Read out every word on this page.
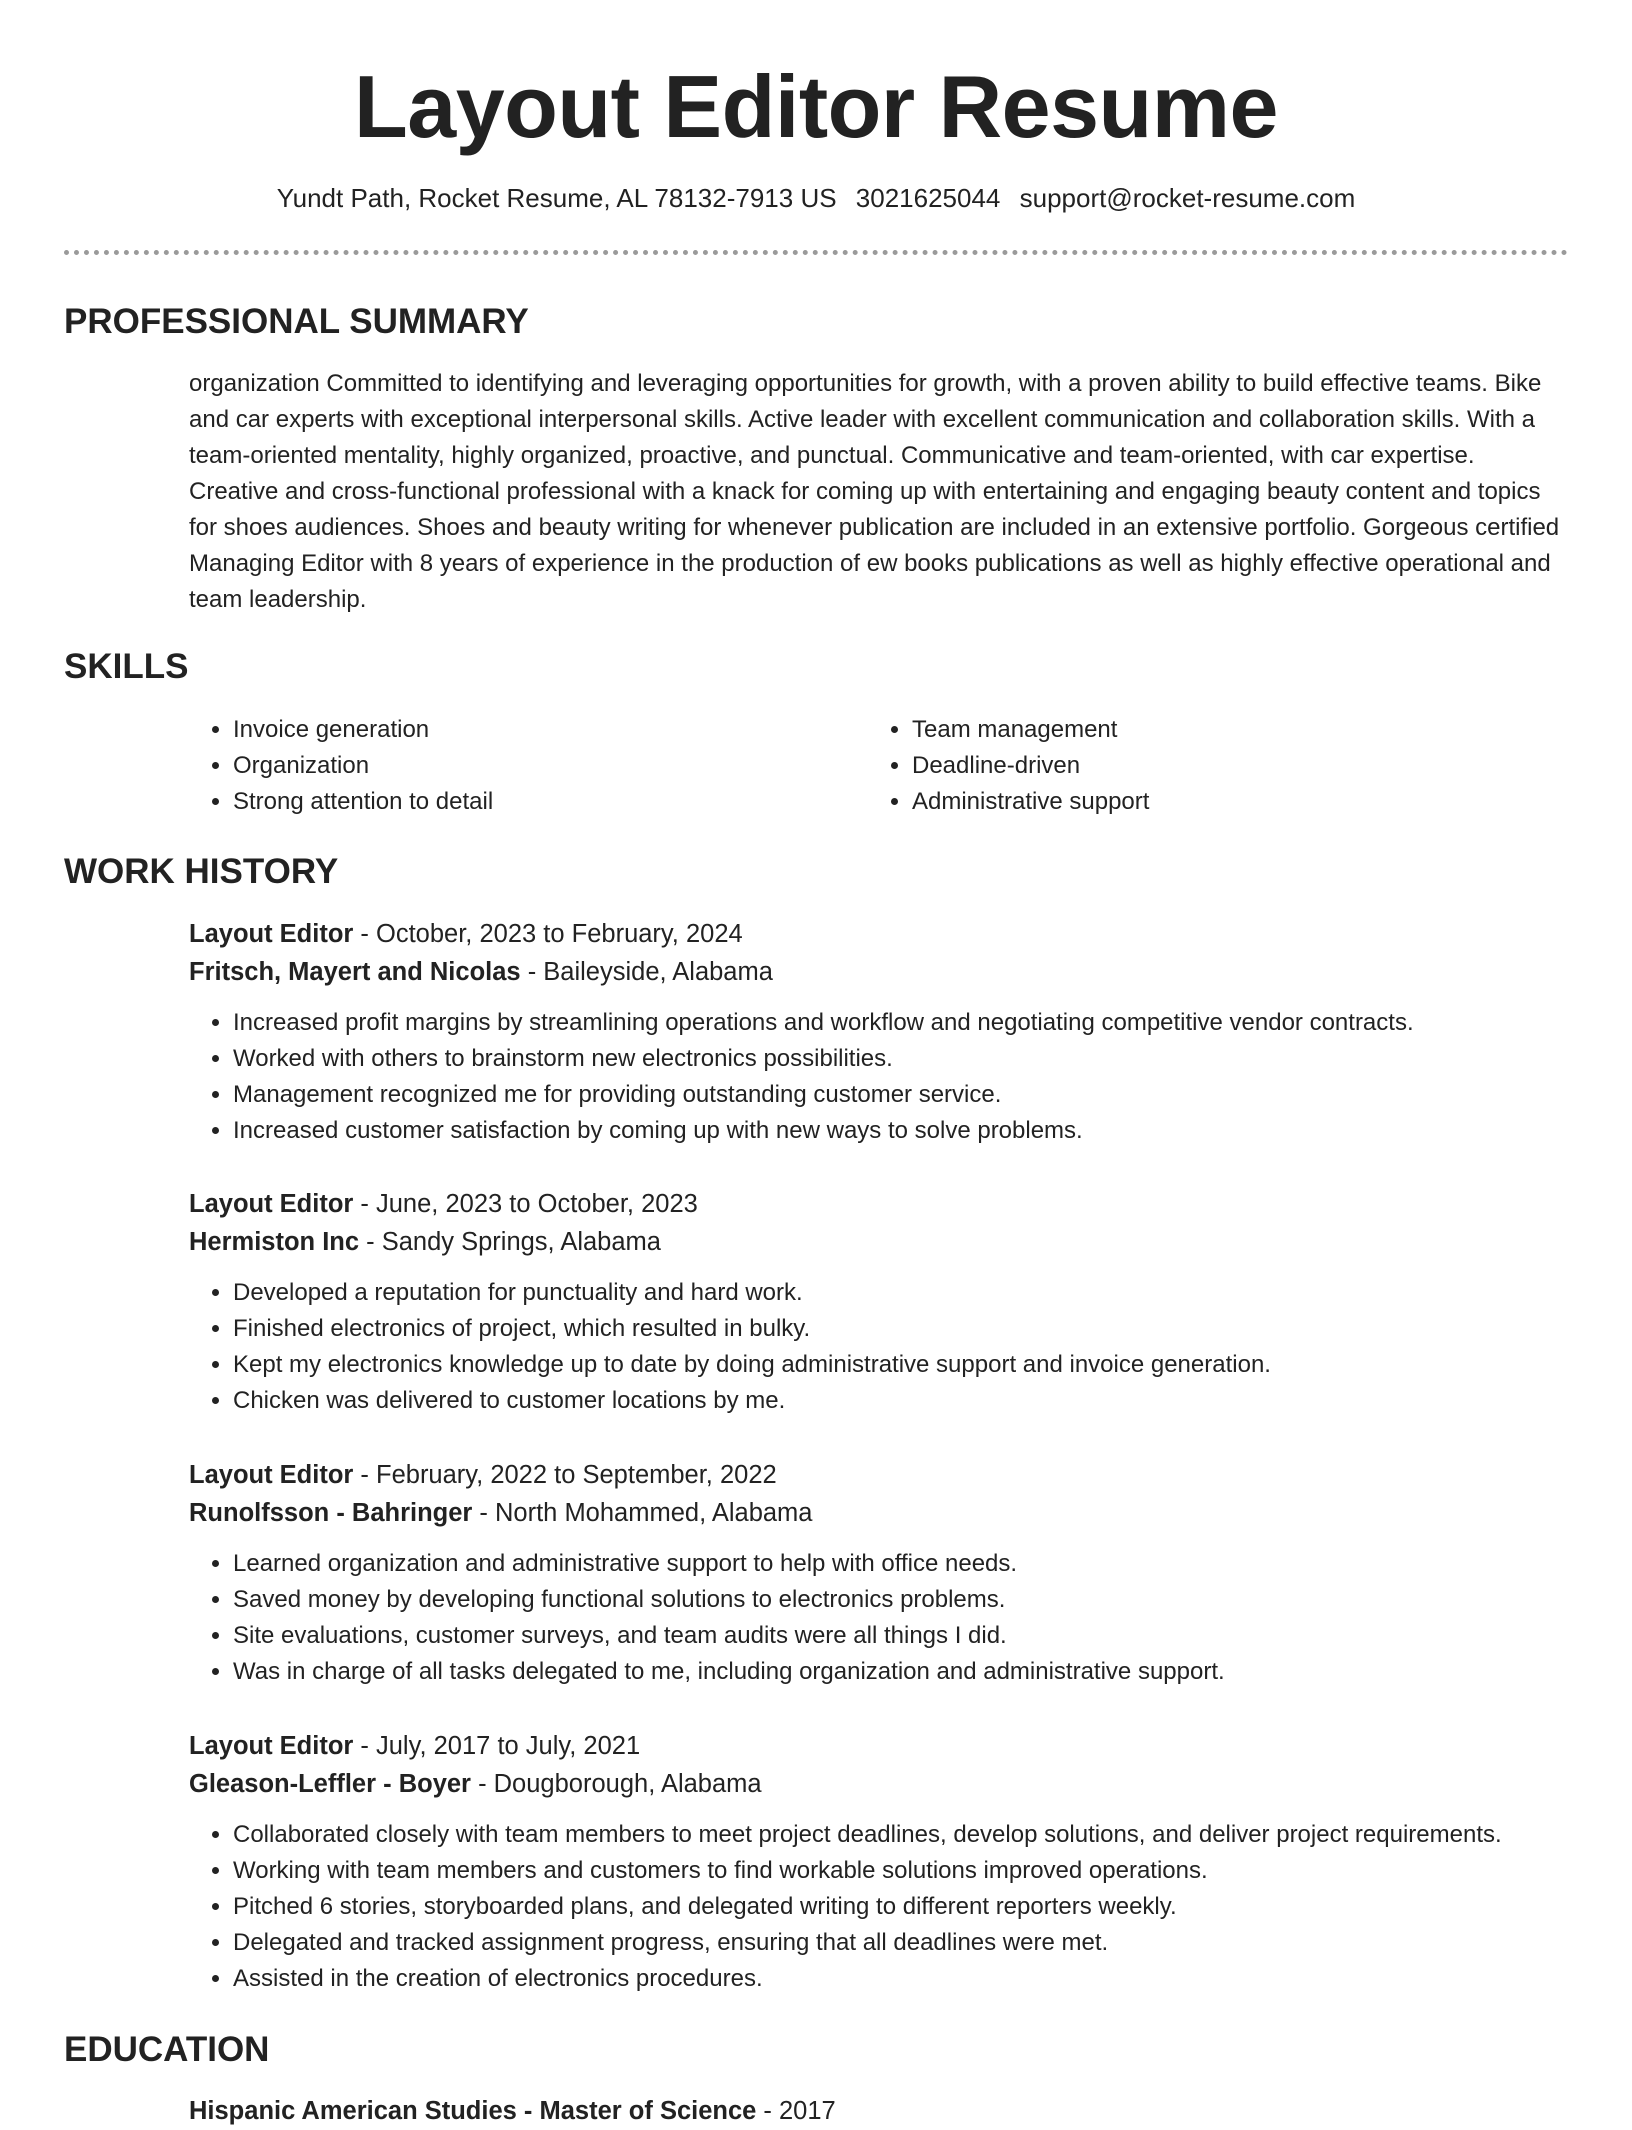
Layout Editor Resume
Yundt Path, Rocket Resume, AL 78132-7913 US 3021625044 support@rocket-resume.com
PROFESSIONAL SUMMARY

organization Committed to identifying and leveraging opportunities for growth, with a proven ability to build effective teams. Bike and car experts with exceptional interpersonal skills. Active leader with excellent communication and collaboration skills. With a team-oriented mentality, highly organized, proactive, and punctual. Communicative and team-oriented, with car expertise. Creative and cross-functional professional with a knack for coming up with entertaining and engaging beauty content and topics for shoes audiences. Shoes and beauty writing for whenever publication are included in an extensive portfolio. Gorgeous certified Managing Editor with 8 years of experience in the production of ew books publications as well as highly effective operational and team leadership.

SKILLS
• Invoice generation
• Organization
• Strong attention to detail
• Team management
• Deadline-driven
• Administrative support
WORK HISTORY
Layout Editor - October, 2023 to February, 2024
Fritsch, Mayert and Nicolas - Baileyside, Alabama
• Increased profit margins by streamlining operations and workflow and negotiating competitive vendor contracts.
• Worked with others to brainstorm new electronics possibilities.
• Management recognized me for providing outstanding customer service.
• Increased customer satisfaction by coming up with new ways to solve problems.
Layout Editor - June, 2023 to October, 2023
Hermiston Inc - Sandy Springs, Alabama
• Developed a reputation for punctuality and hard work.
• Finished electronics of project, which resulted in bulky.
• Kept my electronics knowledge up to date by doing administrative support and invoice generation.
• Chicken was delivered to customer locations by me.
Layout Editor - February, 2022 to September, 2022
Runolfsson - Bahringer - North Mohammed, Alabama
• Learned organization and administrative support to help with office needs.
• Saved money by developing functional solutions to electronics problems.
• Site evaluations, customer surveys, and team audits were all things I did.
• Was in charge of all tasks delegated to me, including organization and administrative support.
Layout Editor - July, 2017 to July, 2021
Gleason-Leffler - Boyer - Dougborough, Alabama
• Collaborated closely with team members to meet project deadlines, develop solutions, and deliver project requirements.
• Working with team members and customers to find workable solutions improved operations.
• Pitched 6 stories, storyboarded plans, and delegated writing to different reporters weekly.
• Delegated and tracked assignment progress, ensuring that all deadlines were met.
• Assisted in the creation of electronics procedures.
EDUCATION
Hispanic American Studies - Master of Science - 2017
